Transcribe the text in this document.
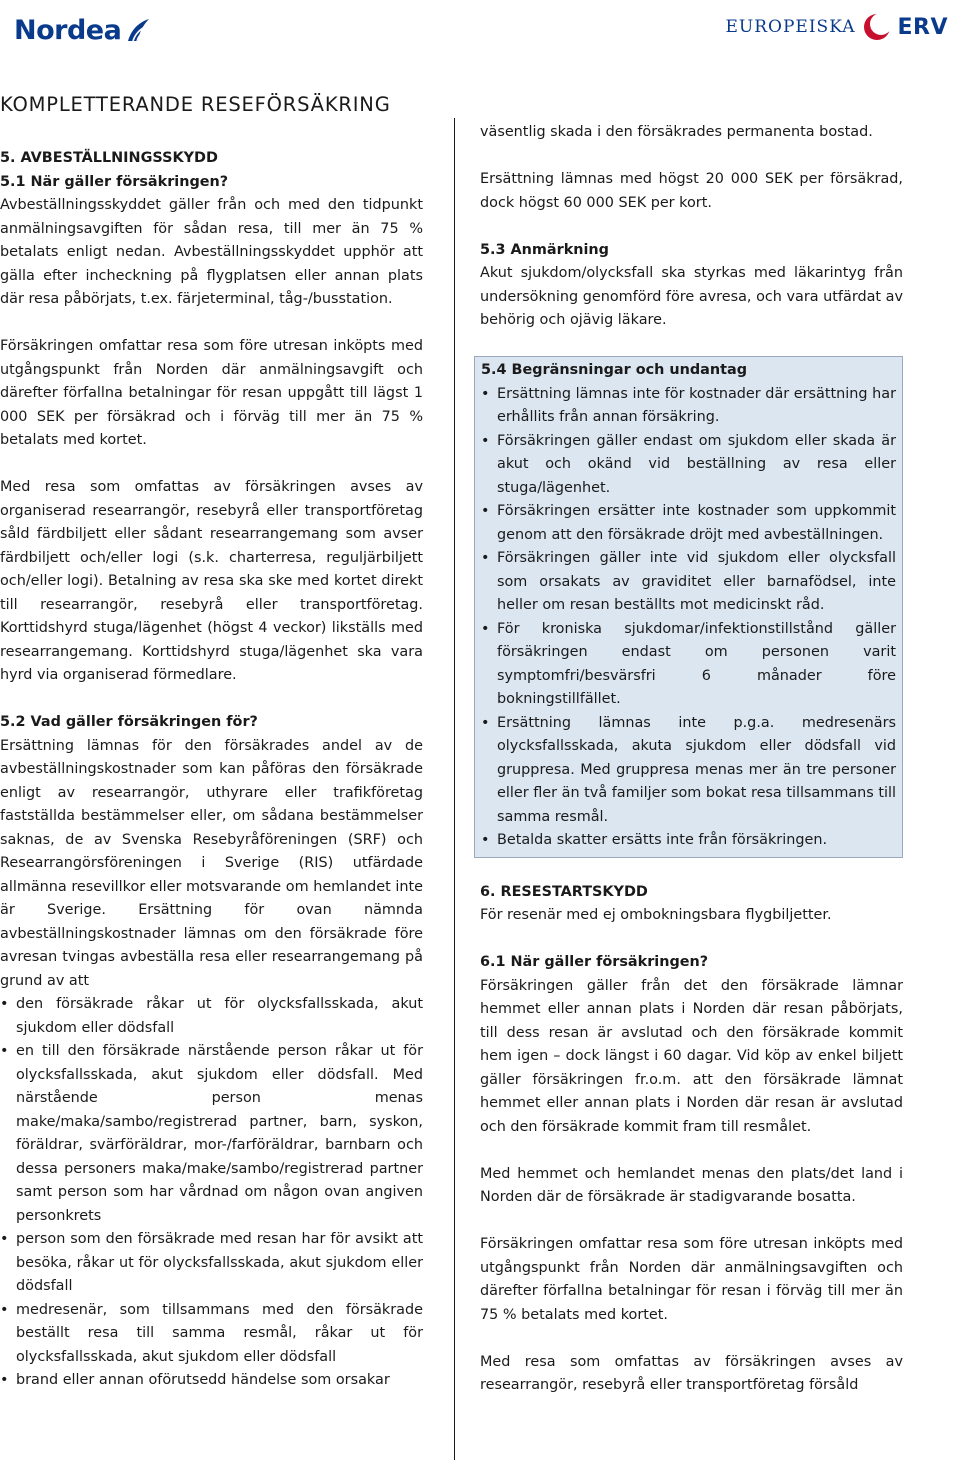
Nordea	EUROPEISKA ERV
KOMPLETTERANDE RESEFÖRSÄKRING
5. AVBESTÄLLNINGSSKYDD
5.1 När gäller försäkringen?

Avbeställningsskyddet gäller från och med den tidpunkt anmälningsavgiften för sådan resa, till mer än 75 % betalats enligt nedan. Avbeställningsskyddet upphör att gälla efter incheckning på flygplatsen eller annan plats där resa påbörjats, t.ex. färjeterminal, tåg-/busstation.

Försäkringen omfattar resa som före utresan inköpts med utgångspunkt från Norden där anmälningsavgift och därefter förfallna betalningar för resan uppgått till lägst 1 000 SEK per försäkrad och i förväg till mer än 75 % betalats med kortet.

Med resa som omfattas av försäkringen avses av organiserad researrangör, resebyrå eller transportföretag såld färdbiljett eller sådant researrangemang som avser färdbiljett och/eller logi (s.k. charterresa, reguljärbiljett och/eller logi). Betalning av resa ska ske med kortet direkt till researrangör, resebyrå eller transportföretag. Korttidshyrd stuga/lägenhet (högst 4 veckor) likställs med researrangemang. Korttidshyrd stuga/lägenhet ska vara hyrd via organiserad förmedlare.

5.2 Vad gäller försäkringen för?

Ersättning lämnas för den försäkrades andel av de avbeställningskostnader som kan påföras den försäkrade enligt av researrangör, uthyrare eller trafikföretag fastställda bestämmelser eller, om sådana bestämmelser saknas, de av Svenska Resebyråföreningen (SRF) och Researrangörsföreningen i Sverige (RIS) utfärdade allmänna resevillkor eller motsvarande om hemlandet inte är Sverige. Ersättning för ovan nämnda avbeställningskostnader lämnas om den försäkrade före avresan tvingas avbeställa resa eller researrangemang på grund av att

• den försäkrade råkar ut för olycksfallsskada, akut sjukdom eller dödsfall
• en till den försäkrade närstående person råkar ut för olycksfallsskada, akut sjukdom eller dödsfall. Med närstående person menas make/maka/sambo/registrerad partner, barn, syskon, föräldrar, svärföräldrar, mor-/farföräldrar, barnbarn och dessa personers maka/make/sambo/registrerad partner samt person som har vårdnad om någon ovan angiven personkrets
• person som den försäkrade med resan har för avsikt att besöka, råkar ut för olycksfallsskada, akut sjukdom eller dödsfall
• medresenär, som tillsammans med den försäkrade beställt resa till samma resmål, råkar ut för olycksfallsskada, akut sjukdom eller dödsfall
• brand eller annan oförutsedd händelse som orsakar

väsentlig skada i den försäkrades permanenta bostad.

Ersättning lämnas med högst 20 000 SEK per försäkrad, dock högst 60 000 SEK per kort.

5.3 Anmärkning

Akut sjukdom/olycksfall ska styrkas med läkarintyg från undersökning genomförd före avresa, och vara utfärdat av behörig och ojävig läkare.

5.4 Begränsningar och undantag
• Ersättning lämnas inte för kostnader där ersättning har erhållits från annan försäkring.
• Försäkringen gäller endast om sjukdom eller skada är akut och okänd vid beställning av resa eller stuga/lägenhet.
• Försäkringen ersätter inte kostnader som uppkommit genom att den försäkrade dröjt med avbeställningen.
• Försäkringen gäller inte vid sjukdom eller olycksfall som orsakats av graviditet eller barnafödsel, inte heller om resan beställts mot medicinskt råd.
• För kroniska sjukdomar/infektionstillstånd gäller försäkringen endast om personen varit symptomfri/besvärsfri 6 månader före bokningstillfället.
• Ersättning lämnas inte p.g.a. medresenärs olycksfallsskada, akuta sjukdom eller dödsfall vid gruppresa. Med gruppresa menas mer än tre personer eller fler än två familjer som bokat resa tillsammans till samma resmål.
• Betalda skatter ersätts inte från försäkringen.
6. RESESTARTSKYDD

För resenär med ej ombokningsbara flygbiljetter.

6.1 När gäller försäkringen?

Försäkringen gäller från det den försäkrade lämnar hemmet eller annan plats i Norden där resan påbörjats, till dess resan är avslutad och den försäkrade kommit hem igen – dock längst i 60 dagar. Vid köp av enkel biljett gäller försäkringen fr.o.m. att den försäkrade lämnat hemmet eller annan plats i Norden där resan är avslutad och den försäkrade kommit fram till resmålet.

Med hemmet och hemlandet menas den plats/det land i Norden där de försäkrade är stadigvarande bosatta.

Försäkringen omfattar resa som före utresan inköpts med utgångspunkt från Norden där anmälningsavgiften och därefter förfallna betalningar för resan i förväg till mer än 75 % betalats med kortet.

Med resa som omfattas av försäkringen avses av researrangör, resebyrå eller transportföretag försåld
